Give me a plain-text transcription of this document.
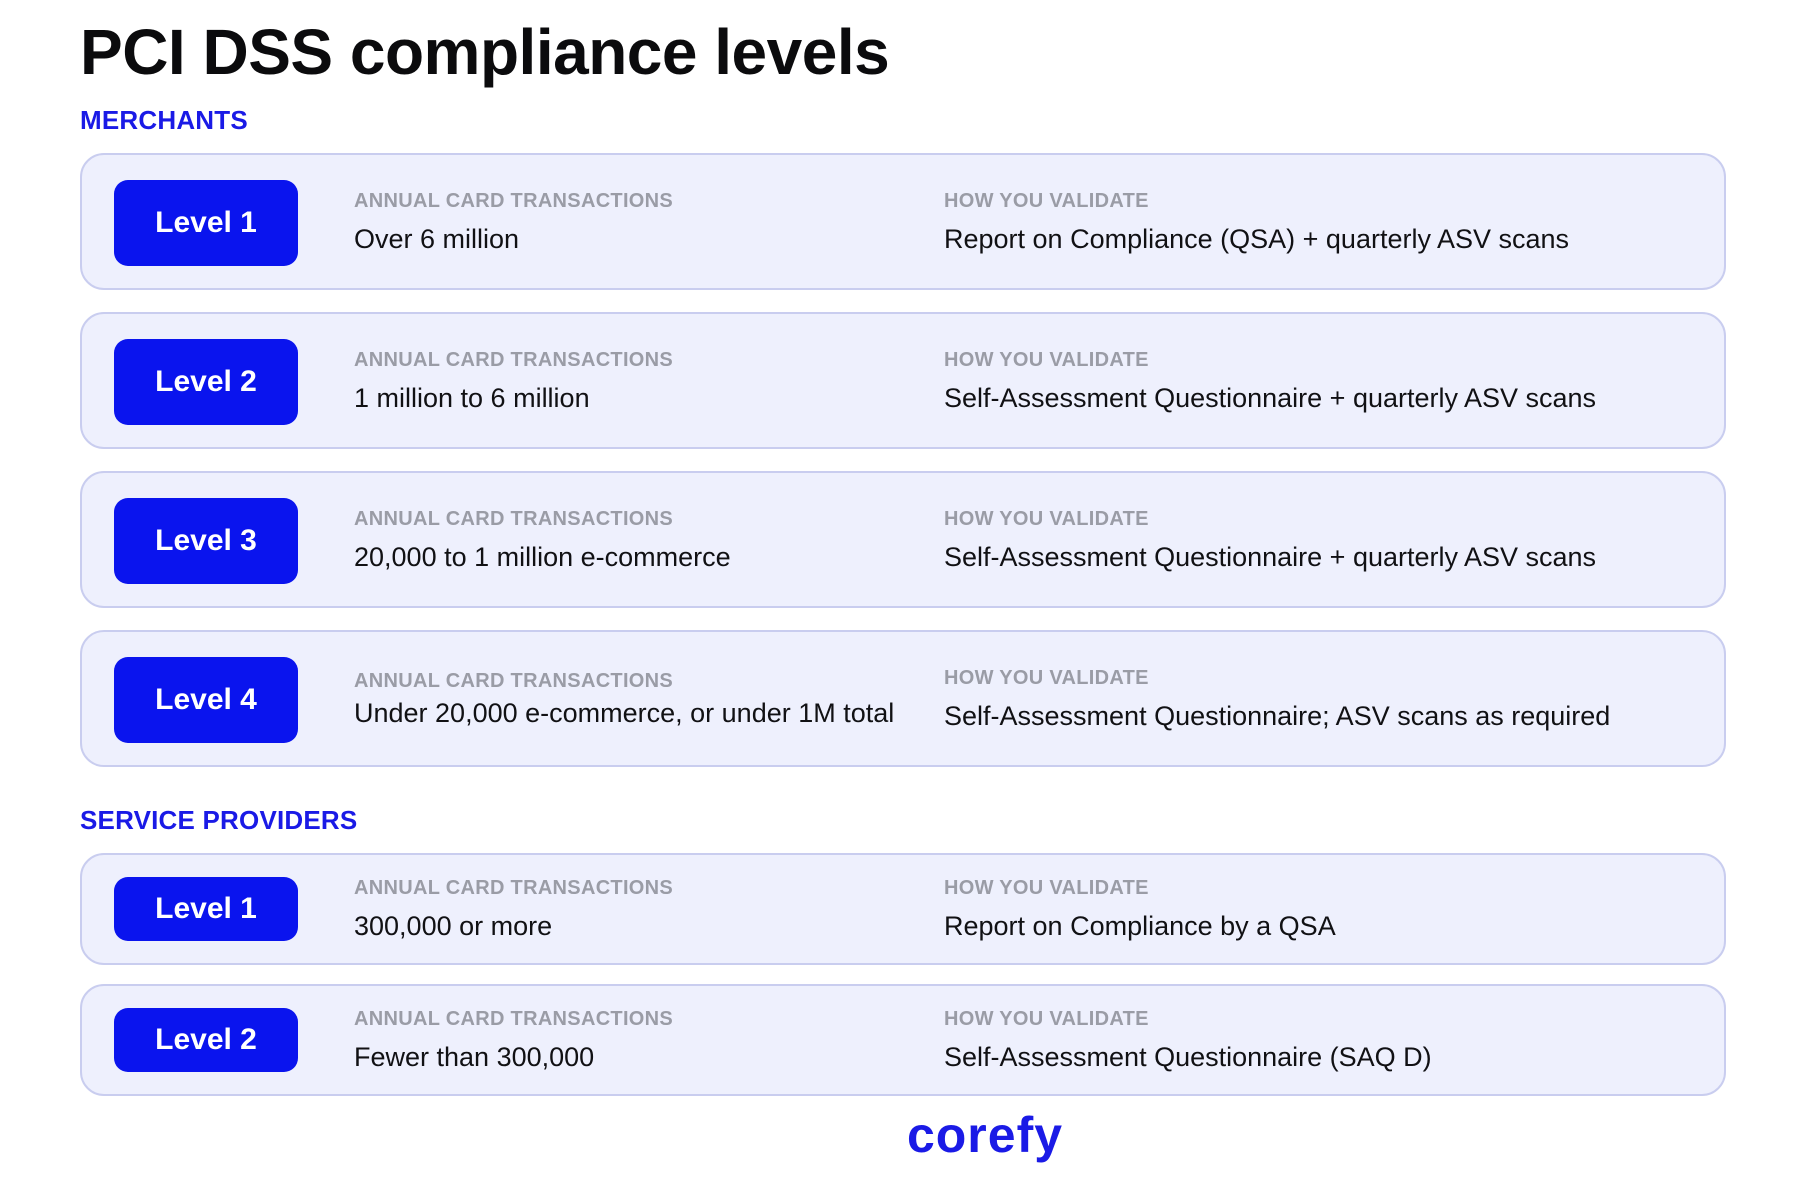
PCI DSS compliance levels
MERCHANTS
Level 1
ANNUAL CARD TRANSACTIONS
Over 6 million
HOW YOU VALIDATE
Report on Compliance (QSA) + quarterly ASV scans
Level 2
ANNUAL CARD TRANSACTIONS
1 million to 6 million
HOW YOU VALIDATE
Self-Assessment Questionnaire + quarterly ASV scans
Level 3
ANNUAL CARD TRANSACTIONS
20,000 to 1 million e-commerce
HOW YOU VALIDATE
Self-Assessment Questionnaire + quarterly ASV scans
Level 4
ANNUAL CARD TRANSACTIONS
Under 20,000 e-commerce, or under 1M total
HOW YOU VALIDATE
Self-Assessment Questionnaire; ASV scans as required
SERVICE PROVIDERS
Level 1
ANNUAL CARD TRANSACTIONS
300,000 or more
HOW YOU VALIDATE
Report on Compliance by a QSA
Level 2
ANNUAL CARD TRANSACTIONS
Fewer than 300,000
HOW YOU VALIDATE
Self-Assessment Questionnaire (SAQ D)
corefy
